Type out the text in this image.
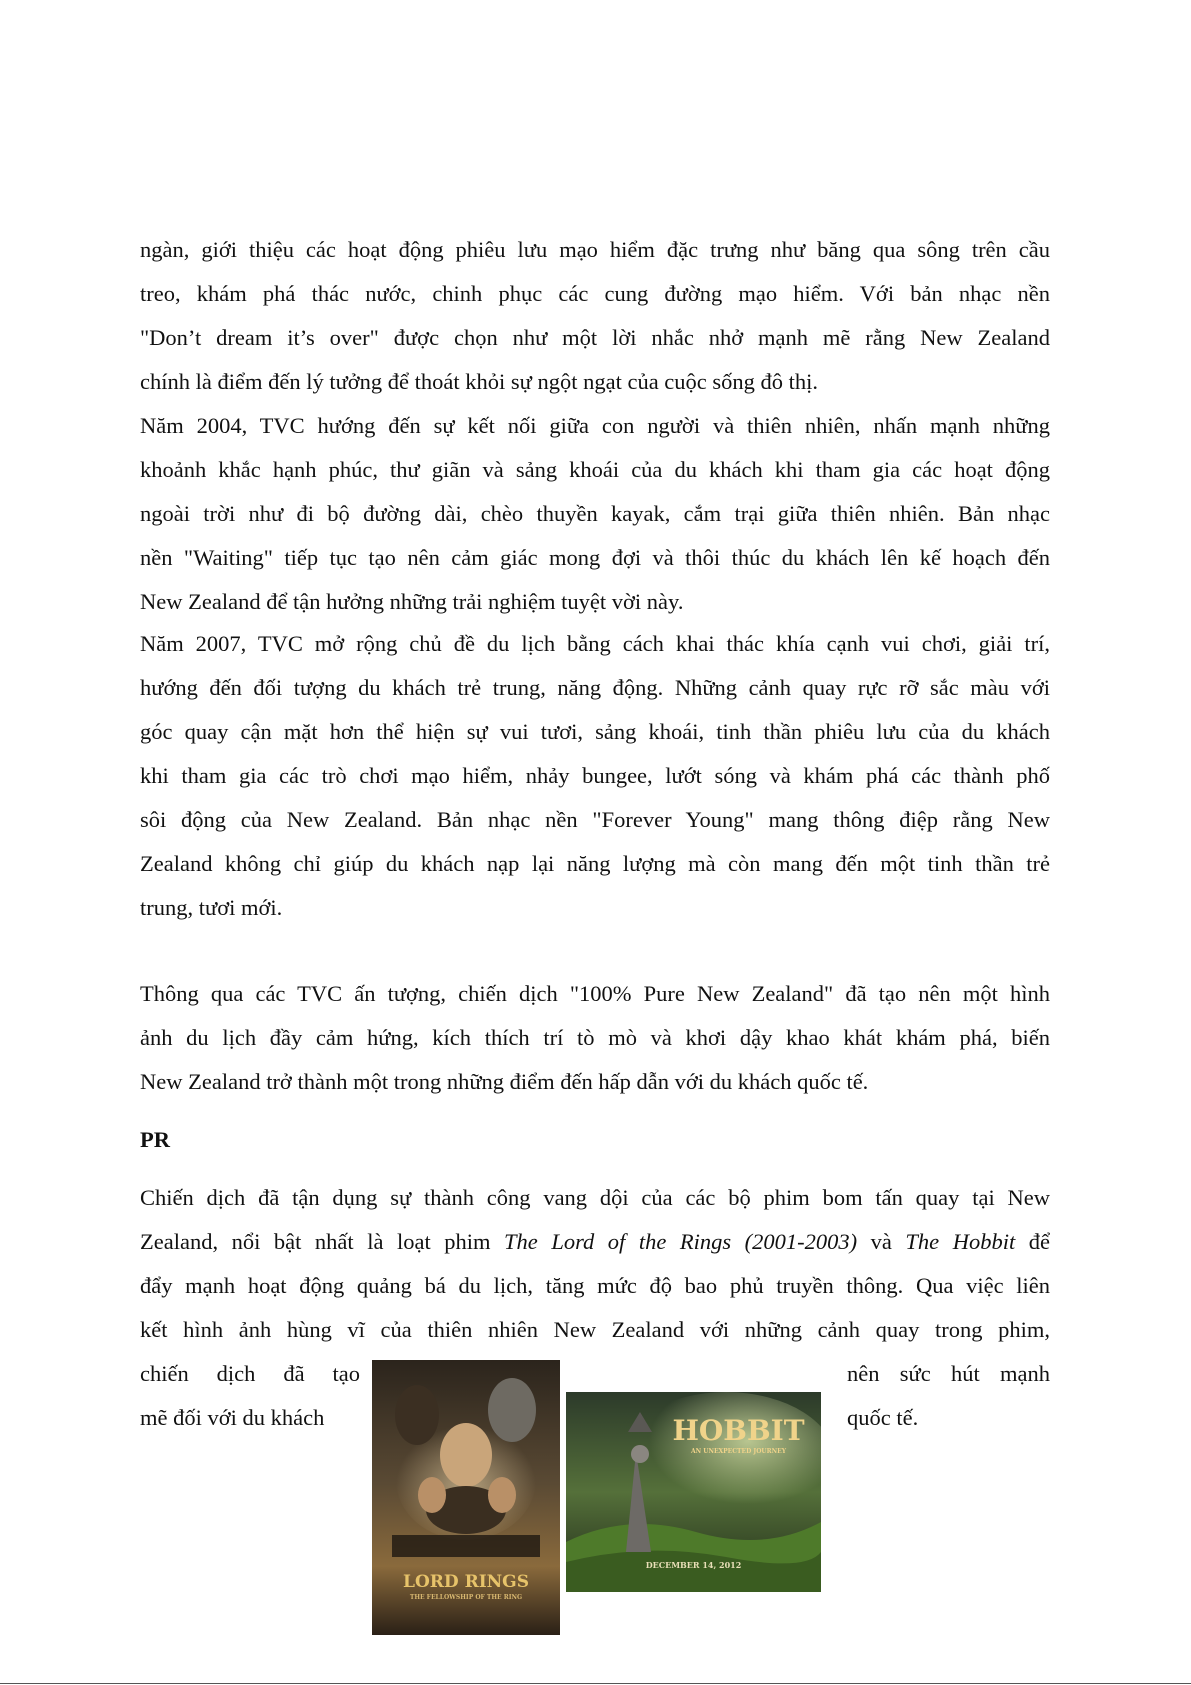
ngàn, giới thiệu các hoạt động phiêu lưu mạo hiểm đặc trưng như băng qua sông trên cầu
treo, khám phá thác nước, chinh phục các cung đường mạo hiểm. Với bản nhạc nền
"Don’t dream it’s over" được chọn như một lời nhắc nhở mạnh mẽ rằng New Zealand
chính là điểm đến lý tưởng để thoát khỏi sự ngột ngạt của cuộc sống đô thị.
Năm 2004, TVC hướng đến sự kết nối giữa con người và thiên nhiên, nhấn mạnh những
khoảnh khắc hạnh phúc, thư giãn và sảng khoái của du khách khi tham gia các hoạt động
ngoài trời như đi bộ đường dài, chèo thuyền kayak, cắm trại giữa thiên nhiên. Bản nhạc
nền "Waiting" tiếp tục tạo nên cảm giác mong đợi và thôi thúc du khách lên kế hoạch đến
New Zealand để tận hưởng những trải nghiệm tuyệt vời này.
Năm 2007, TVC mở rộng chủ đề du lịch bằng cách khai thác khía cạnh vui chơi, giải trí,
hướng đến đối tượng du khách trẻ trung, năng động. Những cảnh quay rực rỡ sắc màu với
góc quay cận mặt hơn thể hiện sự vui tươi, sảng khoái, tinh thần phiêu lưu của du khách
khi tham gia các trò chơi mạo hiểm, nhảy bungee, lướt sóng và khám phá các thành phố
sôi động của New Zealand. Bản nhạc nền "Forever Young" mang thông điệp rằng New
Zealand không chỉ giúp du khách nạp lại năng lượng mà còn mang đến một tinh thần trẻ
trung, tươi mới.
Thông qua các TVC ấn tượng, chiến dịch "100% Pure New Zealand" đã tạo nên một hình
ảnh du lịch đầy cảm hứng, kích thích trí tò mò và khơi dậy khao khát khám phá, biến
New Zealand trở thành một trong những điểm đến hấp dẫn với du khách quốc tế.
PR
Chiến dịch đã tận dụng sự thành công vang dội của các bộ phim bom tấn quay tại New
Zealand, nổi bật nhất là loạt phim The Lord of the Rings (2001-2003) và The Hobbit để
đẩy mạnh hoạt động quảng bá du lịch, tăng mức độ bao phủ truyền thông. Qua việc liên
kết hình ảnh hùng vĩ của thiên nhiên New Zealand với những cảnh quay trong phim,
chiến dịch đã tạo
mẽ đối với du khách
nên sức hút mạnh
quốc tế.
LORD RINGS
THE FELLOWSHIP OF THE RING
HOBBIT
AN UNEXPECTED JOURNEY
DECEMBER 14, 2012
